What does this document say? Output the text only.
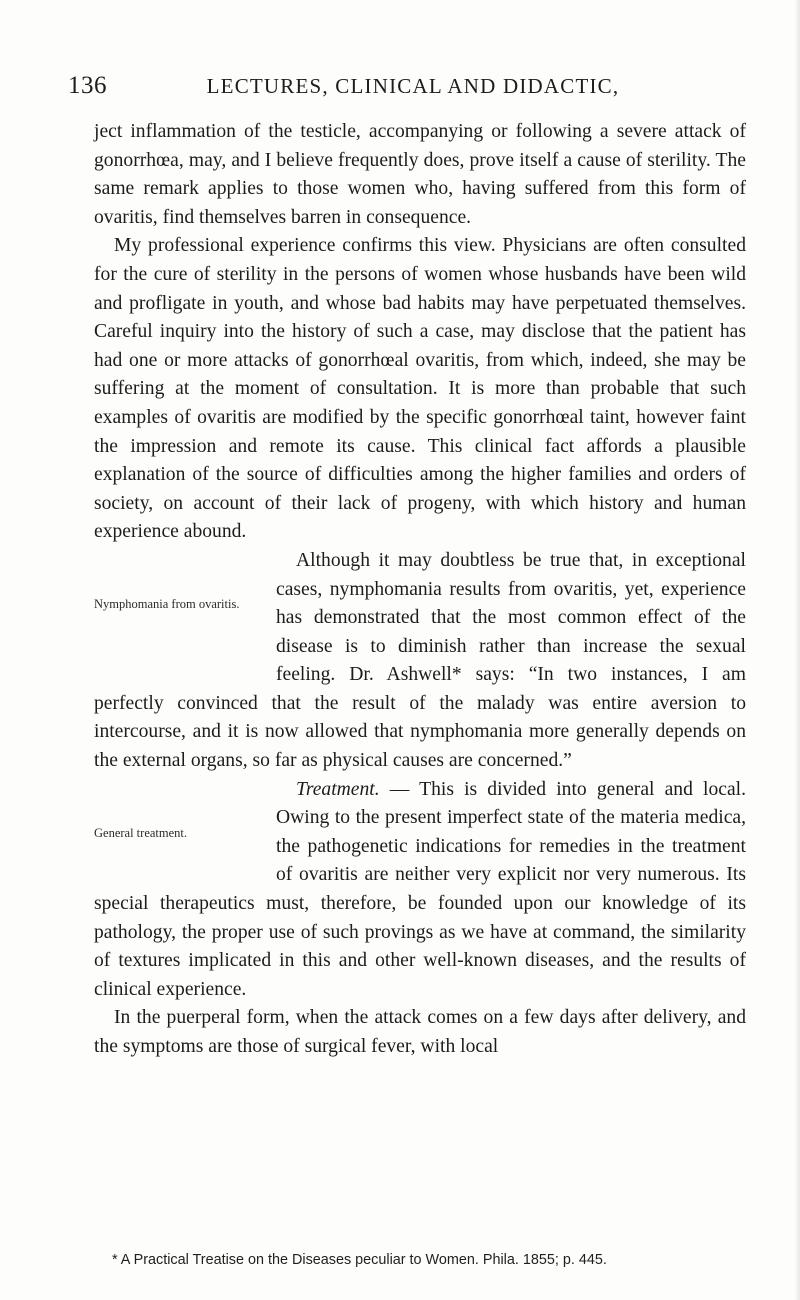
136	LECTURES, CLINICAL AND DIDACTIC,

ject inflammation of the testicle, accompanying or following a severe attack of gonorrhœa, may, and I believe frequently does, prove itself a cause of sterility. The same remark applies to those women who, having suffered from this form of ovaritis, find themselves barren in consequence.

My professional experience confirms this view. Physicians are often consulted for the cure of sterility in the persons of women whose husbands have been wild and profligate in youth, and whose bad habits may have perpetuated themselves. Careful inquiry into the history of such a case, may disclose that the patient has had one or more attacks of gonorrhœal ovaritis, from which, indeed, she may be suffering at the moment of consultation. It is more than probable that such examples of ovaritis are modified by the specific gonorrhœal taint, however faint the impression and remote its cause. This clinical fact affords a plausible explanation of the source of difficulties among the higher families and orders of society, on account of their lack of progeny, with which history and human experience abound.

Nymphomania from ovaritis.
Although it may doubtless be true that, in exceptional cases, nymphomania results from ovaritis, yet, experience has demonstrated that the most common effect of the disease is to diminish rather than increase the sexual feeling. Dr. Ashwell* says: “In two instances, I am perfectly convinced that the result of the malady was entire aversion to intercourse, and it is now allowed that nymphomania more generally depends on the external organs, so far as physical causes are concerned.”

General treatment.
Treatment. — This is divided into general and local. Owing to the present imperfect state of the materia medica, the pathogenetic indications for remedies in the treatment of ovaritis are neither very explicit nor very numerous. Its special therapeutics must, therefore, be founded upon our knowledge of its pathology, the proper use of such provings as we have at command, the similarity of textures implicated in this and other well-known diseases, and the results of clinical experience.

In the puerperal form, when the attack comes on a few days after delivery, and the symptoms are those of surgical fever, with local

* A Practical Treatise on the Diseases peculiar to Women. Phila. 1855; p. 445.
